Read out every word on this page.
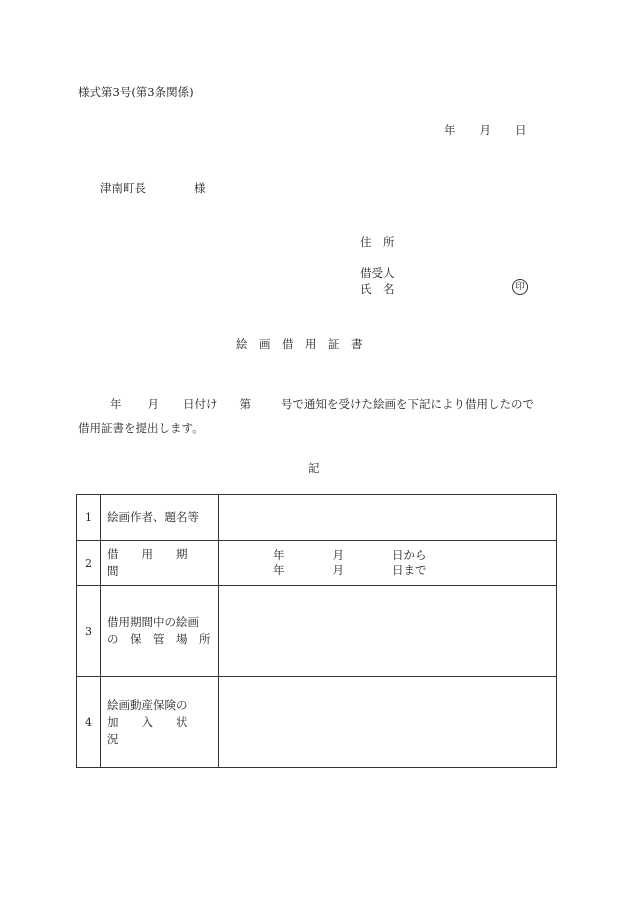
様式第3号(第3条関係)
年 月 日
津南町長	様
住　所
借受人
氏　名	印
絵　画　借　用　証　書
年 月 日付け 第	号で通知を受けた絵画を下記により借用したので
借用証書を提出します。
記
1	絵画作者、題名等	

2	借　　用　　期　　間	年 月 日から
年 月 日まで

3	借用期間中の絵画
の　保　管　場　所	

4	絵画動産保険の
加　　入　　状　　況	
